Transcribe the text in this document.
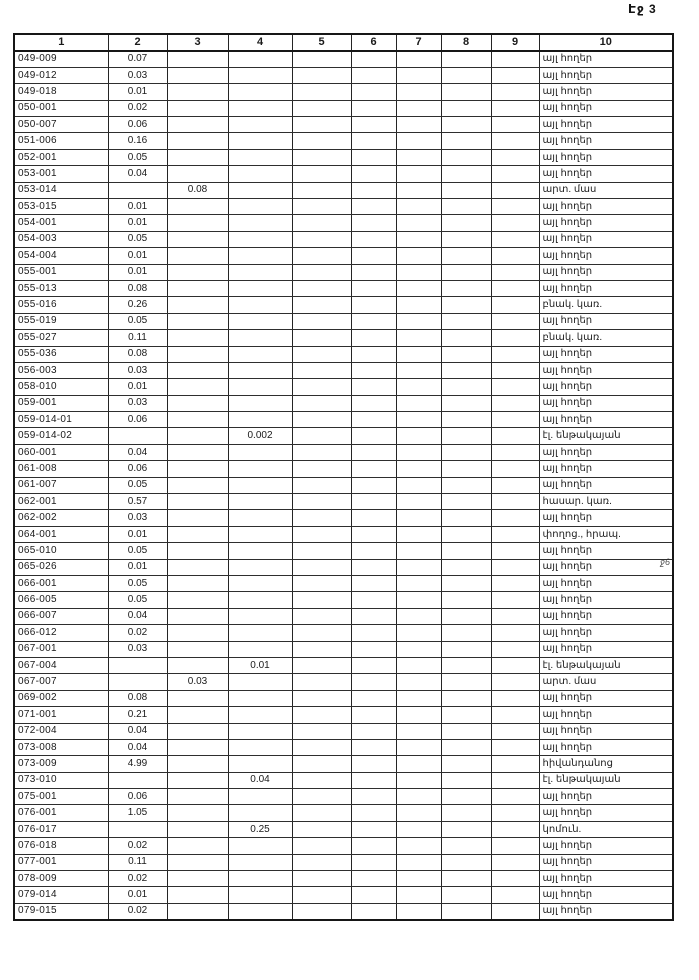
Էջ 3
ջ6
1	2	3	4	5	6	7	8	9	10
049-009	0.07								այլ հողեր
049-012	0.03								այլ հողեր
049-018	0.01								այլ հողեր
050-001	0.02								այլ հողեր
050-007	0.06								այլ հողեր
051-006	0.16								այլ հողեր
052-001	0.05								այլ հողեր
053-001	0.04								այլ հողեր
053-014		0.08							արտ. մաս
053-015	0.01								այլ հողեր
054-001	0.01								այլ հողեր
054-003	0.05								այլ հողեր
054-004	0.01								այլ հողեր
055-001	0.01								այլ հողեր
055-013	0.08								այլ հողեր
055-016	0.26								բնակ. կառ.
055-019	0.05								այլ հողեր
055-027	0.11								բնակ. կառ.
055-036	0.08								այլ հողեր
056-003	0.03								այլ հողեր
058-010	0.01								այլ հողեր
059-001	0.03								այլ հողեր
059-014-01	0.06								այլ հողեր
059-014-02			0.002						էլ. ենթակայան
060-001	0.04								այլ հողեր
061-008	0.06								այլ հողեր
061-007	0.05								այլ հողեր
062-001	0.57								հասար. կառ.
062-002	0.03								այլ հողեր
064-001	0.01								փողոց., հրապ.
065-010	0.05								այլ հողեր
065-026	0.01								այլ հողեր
066-001	0.05								այլ հողեր
066-005	0.05								այլ հողեր
066-007	0.04								այլ հողեր
066-012	0.02								այլ հողեր
067-001	0.03								այլ հողեր
067-004			0.01						էլ. ենթակայան
067-007		0.03							արտ. մաս
069-002	0.08								այլ հողեր
071-001	0.21								այլ հողեր
072-004	0.04								այլ հողեր
073-008	0.04								այլ հողեր
073-009	4.99								հիվանդանոց
073-010			0.04						էլ. ենթակայան
075-001	0.06								այլ հողեր
076-001	1.05								այլ հողեր
076-017			0.25						կոմուն.
076-018	0.02								այլ հողեր
077-001	0.11								այլ հողեր
078-009	0.02								այլ հողեր
079-014	0.01								այլ հողեր
079-015	0.02								այլ հողեր
